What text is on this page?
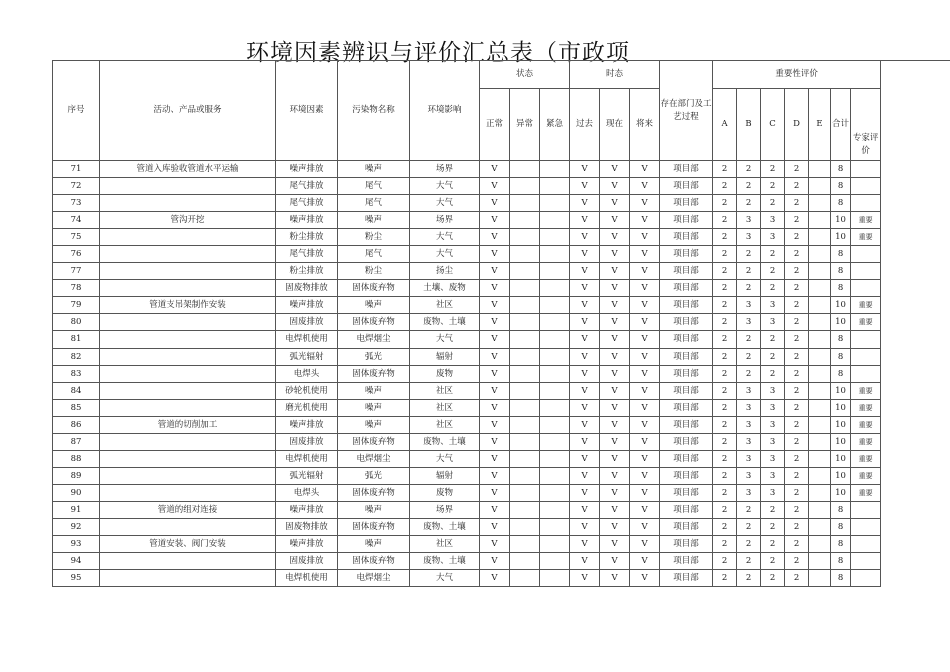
环境因素辨识与评价汇总表（市政项
序号	活动、产品或服务	环境因素	污染物名称	环境影响	状态			时态			存在部门及工艺过程	重要性评价						
					正常	异常	紧急	过去	现在	将来		A	B	C	D	E	合计	
																		专家评价
71	管道入库验收管道水平运输	噪声排放	噪声	场界	V			V	V	V	项目部	2	2	2	2		8	
72		尾气排放	尾气	大气	V			V	V	V	项目部	2	2	2	2		8	
73		尾气排放	尾气	大气	V			V	V	V	项目部	2	2	2	2		8	
74	管沟开挖	噪声排放	噪声	场界	V			V	V	V	项目部	2	3	3	2		10	重要
75		粉尘排放	粉尘	大气	V			V	V	V	项目部	2	3	3	2		10	重要
76		尾气排放	尾气	大气	V			V	V	V	项目部	2	2	2	2		8	
77		粉尘排放	粉尘	扬尘	V			V	V	V	项目部	2	2	2	2		8	
78		固废物排放	固体废弃物	土壤、废物	V			V	V	V	项目部	2	2	2	2		8	
79	管道支吊架制作安装	噪声排放	噪声	社区	V			V	V	V	项目部	2	3	3	2		10	重要
80		固废排放	固体废弃物	废物、土壤	V			V	V	V	项目部	2	3	3	2		10	重要
81		电焊机使用	电焊烟尘	大气	V			V	V	V	项目部	2	2	2	2		8	
82		弧光辐射	弧光	辐射	V			V	V	V	项目部	2	2	2	2		8	
83		电焊头	固体废弃物	废物	V			V	V	V	项目部	2	2	2	2		8	
84		砂轮机使用	噪声	社区	V			V	V	V	项目部	2	3	3	2		10	重要
85		磨光机使用	噪声	社区	V			V	V	V	项目部	2	3	3	2		10	重要
86	管道的切削加工	噪声排放	噪声	社区	V			V	V	V	项目部	2	3	3	2		10	重要
87		固废排放	固体废弃物	废物、土壤	V			V	V	V	项目部	2	3	3	2		10	重要
88		电焊机使用	电焊烟尘	大气	V			V	V	V	项目部	2	3	3	2		10	重要
89		弧光辐射	弧光	辐射	V			V	V	V	项目部	2	3	3	2		10	重要
90		电焊头	固体废弃物	废物	V			V	V	V	项目部	2	3	3	2		10	重要
91	管道的组对连接	噪声排放	噪声	场界	V			V	V	V	项目部	2	2	2	2		8	
92		固废物排放	固体废弃物	废物、土壤	V			V	V	V	项目部	2	2	2	2		8	
93	管道安装、阀门安装	噪声排放	噪声	社区	V			V	V	V	项目部	2	2	2	2		8	
94		固废排放	固体废弃物	废物、土壤	V			V	V	V	项目部	2	2	2	2		8	
95		电焊机使用	电焊烟尘	大气	V			V	V	V	项目部	2	2	2	2		8	
